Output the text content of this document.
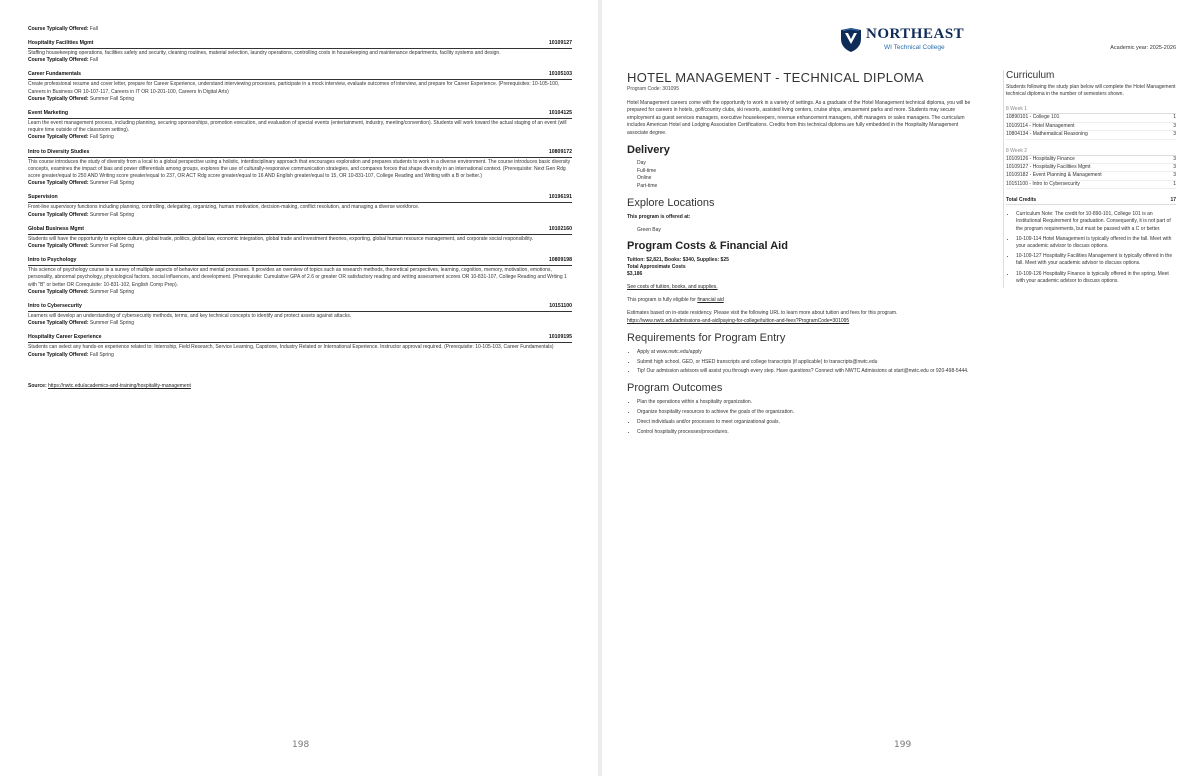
Course Typically Offered: Fall
Hospitality Facilities Mgmt	10109127
Staffing housekeeping operations, facilities safety and security, cleaning routines, material selection, laundry operations, controlling costs in housekeeping and maintenance departments, facility systems and design.
Course Typically Offered: Fall
Career Fundamentals	10105103
Create professional resume and cover letter, prepare for Career Experience, understand interviewing processes, participate in a mock interview, evaluate outcomes of interview, and prepare for Career Experience. (Prerequisites: 10-105-100, Careers in Business OR 10-107-117, Careers in IT OR 10-201-100, Careers In Digital Arts)
Course Typically Offered: Summer Fall Spring
Event Marketing	10104125
Learn the event management process, including planning, securing sponsorships, promotion execution, and evaluation of special events (entertainment, industry, meeting/convention). Students will work toward the actual staging of an event (will require time outside of the classroom setting).
Course Typically Offered: Fall Spring
Intro to Diversity Studies	10809172
This course introduces the study of diversity from a local to a global perspective using a holistic, interdisciplinary approach that encourages exploration and prepares students to work in a diverse environment. The course introduces basic diversity concepts, examines the impact of bias and power differentials among groups, explores the use of culturally-responsive communication strategies, and compares forces that shape diversity in an international context. (Prerequisite: Next Gen Rdg score greater/equal to 250 AND Writing score greater/equal to 237, OR ACT Rdg score greater/equal to 16 AND English greater/equal to 15, OR 10-831-107, College Reading and Writing with a B or better.)
Course Typically Offered: Summer Fall Spring
Supervision	10196191
Front-line supervisory functions including planning, controlling, delegating, organizing, human motivation, decision-making, conflict resolution, and managing a diverse workforce.
Course Typically Offered: Summer Fall Spring
Global Business Mgmt	10102160
Students will have the opportunity to explore culture, global trade, politics, global law, economic integration, global trade and investment theories, exporting, global human resource management, and corporate social responsibility.
Course Typically Offered: Summer Fall Spring
Intro to Psychology	10809198
This science of psychology course is a survey of multiple aspects of behavior and mental processes. It provides an overview of topics such as research methods, theoretical perspectives, learning, cognition, memory, motivation, emotions, personality, abnormal psychology, physiological factors, social influences, and development. (Prerequisite: Cumulative GPA of 2.6 or greater OR satisfactory reading and writing assessment scores OR 10-831-107, College Reading and Writing 1 with "B" or better OR Corequisite: 10-831-102, English Comp Prep).
Course Typically Offered: Summer Fall Spring
Intro to Cybersecurity	10151100
Learners will develop an understanding of cybersecurity methods, terms, and key technical concepts to identify and protect assets against attacks.
Course Typically Offered: Summer Fall Spring
Hospitality Career Experience	10109195
Students can select any hands-on experience related to: Internship, Field Research, Service Learning, Capstone, Industry Related or International Experience. Instructor approval required. (Prerequisite: 10-105-103, Career Fundamentals)
Course Typically Offered: Fall Spring
Source: https://nwtc.edu/academics-and-training/hospitality-management
198
NORTHEAST
WI Technical College	Academic year: 2025-2026
HOTEL MANAGEMENT - TECHNICAL DIPLOMA
Program Code: 301095
Hotel Management careers come with the opportunity to work in a variety of settings. As a graduate of the Hotel Management technical diploma, you will be prepared for careers in hotels, golf/country clubs, ski resorts, assisted living centers, cruise ships, amusement parks and more. Students may secure employment as guest services managers, executive housekeepers, revenue enhancement managers, shift managers or sales managers. The curriculum includes American Hotel and Lodging Association Certifications. Credits from this technical diploma are fully embedded in the Hospitality Management associate degree.
Delivery
Day
Full-time
Online
Part-time
Explore Locations
This program is offered at:
Green Bay
Program Costs & Financial Aid
Tuition: $2,821, Books: $340, Supplies: $25
Total Approximate Costs
$3,186
See costs of tuition, books, and supplies.
This program is fully eligible for financial aid
Estimates based on in-state residency. Please visit the following URL to learn more about tuition and fees for this program.
https://www.nwtc.edu/admissions-and-aid/paying-for-college/tuition-and-fees?ProgramCode=301095
Requirements for Program Entry
• Apply at www.nwtc.edu/apply
• Submit high school, GED, or HSED transcripts and college transcripts (if applicable) to transcripts@nwtc.edu
• Tip! Our admission advisors will assist you through every step. Have questions? Connect with NWTC Admissions at start@nwtc.edu or 920-498-5444.
Program Outcomes
• Plan the operations within a hospitality organization.
• Organize hospitality resources to achieve the goals of the organization.
• Direct individuals and/or processes to meet organizational goals.
• Control hospitality processes/procedures.
Curriculum
Students following the study plan below will complete the Hotel Management technical diploma in the number of semesters shown.
8 Week 1
10890101 - College 101	1
10109114 - Hotel Management	3
10804134 - Mathematical Reasoning	3
8 Week 2
10109126 - Hospitality Finance	3
10109127 - Hospitality Facilities Mgmt	3
10109182 - Event Planning & Management	3
10151100 - Intro to Cybersecurity	1
Total Credits	17
• Curriculum Note: The credit for 10-890-101, College 101 is an Institutional Requirement for graduation. Consequently, it is not part of the program requirements, but must be passed with a C or better.
• 10-109-114 Hotel Management is typically offered in the fall. Meet with your academic advisor to discuss options.
• 10-109-127 Hospitality Facilities Management is typically offered in the fall. Meet with your academic advisor to discuss options.
• 10-109-126 Hospitality Finance is typically offered in the spring. Meet with your academic advisor to discuss options.
199
